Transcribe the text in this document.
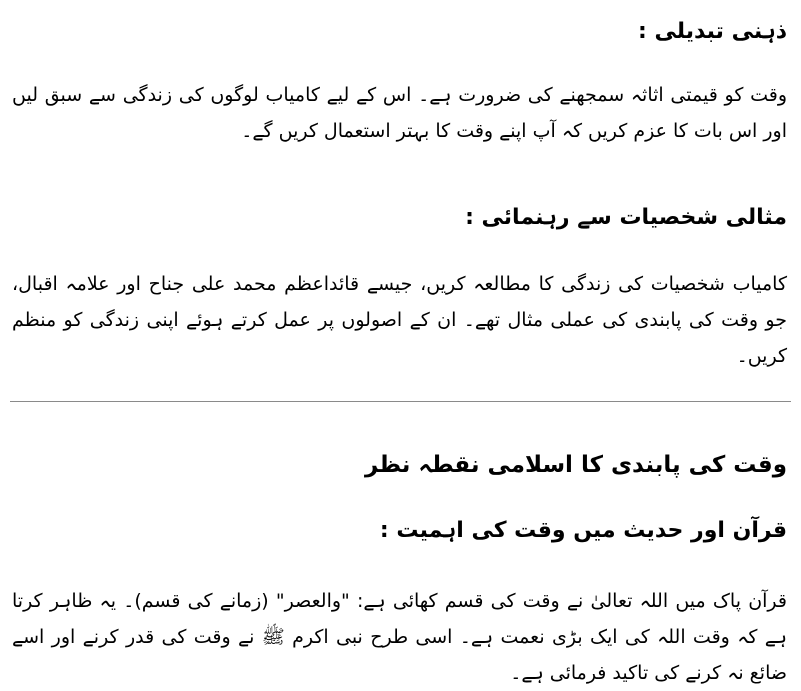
ذہنی تبدیلی :

وقت کو قیمتی اثاثہ سمجھنے کی ضرورت ہے۔ اس کے لیے کامیاب لوگوں کی زندگی سے سبق لیں اور اس بات کا عزم کریں کہ آپ اپنے وقت کا بہتر استعمال کریں گے۔

مثالی شخصیات سے رہنمائی :

کامیاب شخصیات کی زندگی کا مطالعہ کریں، جیسے قائداعظم محمد علی جناح اور علامہ اقبال، جو وقت کی پابندی کی عملی مثال تھے۔ ان کے اصولوں پر عمل کرتے ہوئے اپنی زندگی کو منظم کریں۔

وقت کی پابندی کا اسلامی نقطہ نظر
قرآن اور حدیث میں وقت کی اہمیت :

قرآن پاک میں اللہ تعالیٰ نے وقت کی قسم کھائی ہے: "والعصر" (زمانے کی قسم)۔ یہ ظاہر کرتا ہے کہ وقت اللہ کی ایک بڑی نعمت ہے۔ اسی طرح نبی اکرم ﷺ نے وقت کی قدر کرنے اور اسے ضائع نہ کرنے کی تاکید فرمائی ہے۔
